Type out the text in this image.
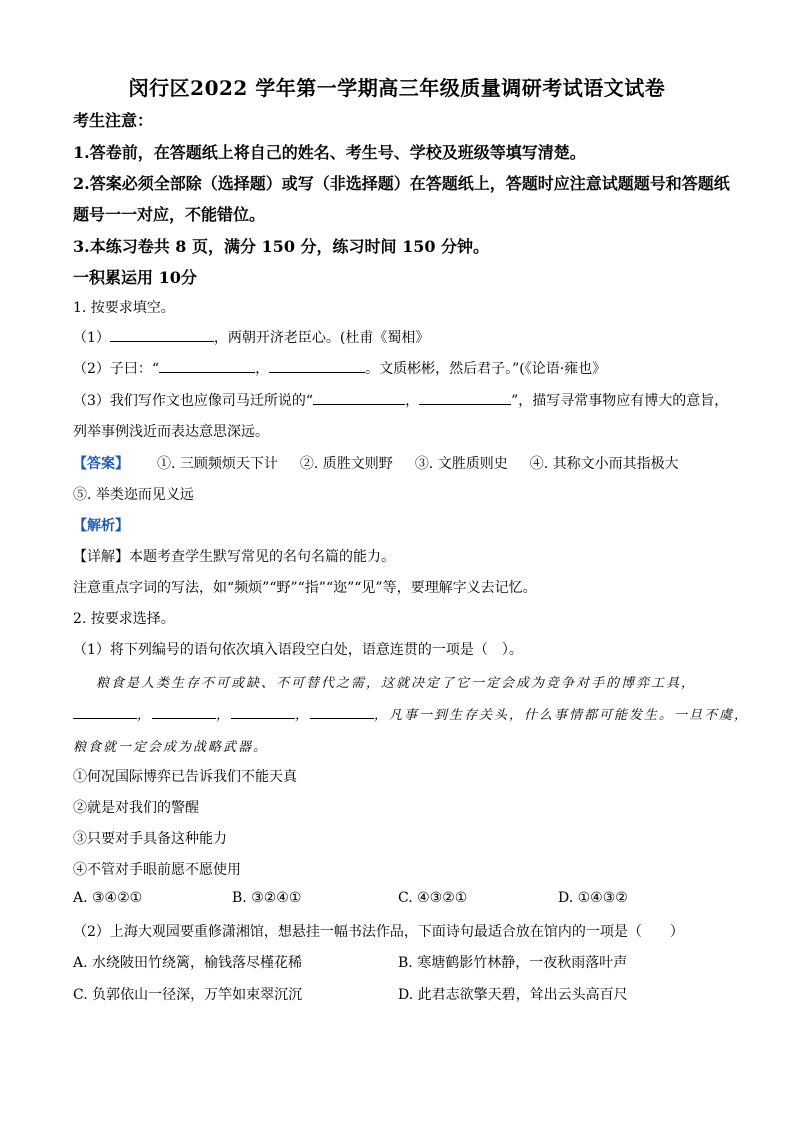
闵行区2022 学年第一学期高三年级质量调研考试语文试卷
考生注意：
1.答卷前，在答题纸上将自己的姓名、考生号、学校及班级等填写清楚。
2.答案必须全部除（选择题）或写（非选择题）在答题纸上，答题时应注意试题题号和答题纸
题号一一对应，不能错位。
3.本练习卷共 8 页，满分 150 分，练习时间 150 分钟。
一积累运用 10分
1. 按要求填空。
（1）	，两朝开济老臣心。(杜甫《蜀相》
（2）子曰：“	，	。文质彬彬，然后君子。”(《论语·雍也》
（3）我们写作文也应像司马迁所说的“	，	”，描写寻常事物应有博大的意旨，
列举事例浅近而表达意思深远。
【答案】 ①. 三顾频烦天下计 ②. 质胜文则野 ③. 文胜质则史 ④. 其称文小而其指极大
⑤. 举类迩而见义远
【解析】
【详解】本题考查学生默写常见的名句名篇的能力。
注意重点字词的写法，如“频烦”“野”“指”“迩”“见”等，要理解字义去记忆。
2. 按要求选择。
（1）将下列编号的语句依次填入语段空白处，语意连贯的一项是（　）。
粮食是人类生存不可或缺、不可替代之需，这就决定了它一定会成为竞争对手的博弈工具，
，	，	，	，凡事一到生存关头，什么事情都可能发生。一旦不虞，
粮食就一定会成为战略武器。
①何况国际博弈已告诉我们不能天真
②就是对我们的警醒
③只要对手具备这种能力
④不管对手眼前愿不愿使用
A. ③④②①	B. ③②④①	C. ④③②①	D. ①④③②
（2）上海大观园要重修潇湘馆，想悬挂一幅书法作品，下面诗句最适合放在馆内的一项是（　　）
A. 水绕陂田竹绕篱，榆钱落尽槿花稀	B. 寒塘鹤影竹林静，一夜秋雨落叶声
C. 负郭依山一径深，万竿如束翠沉沉	D. 此君志欲擎天碧，耸出云头高百尺
